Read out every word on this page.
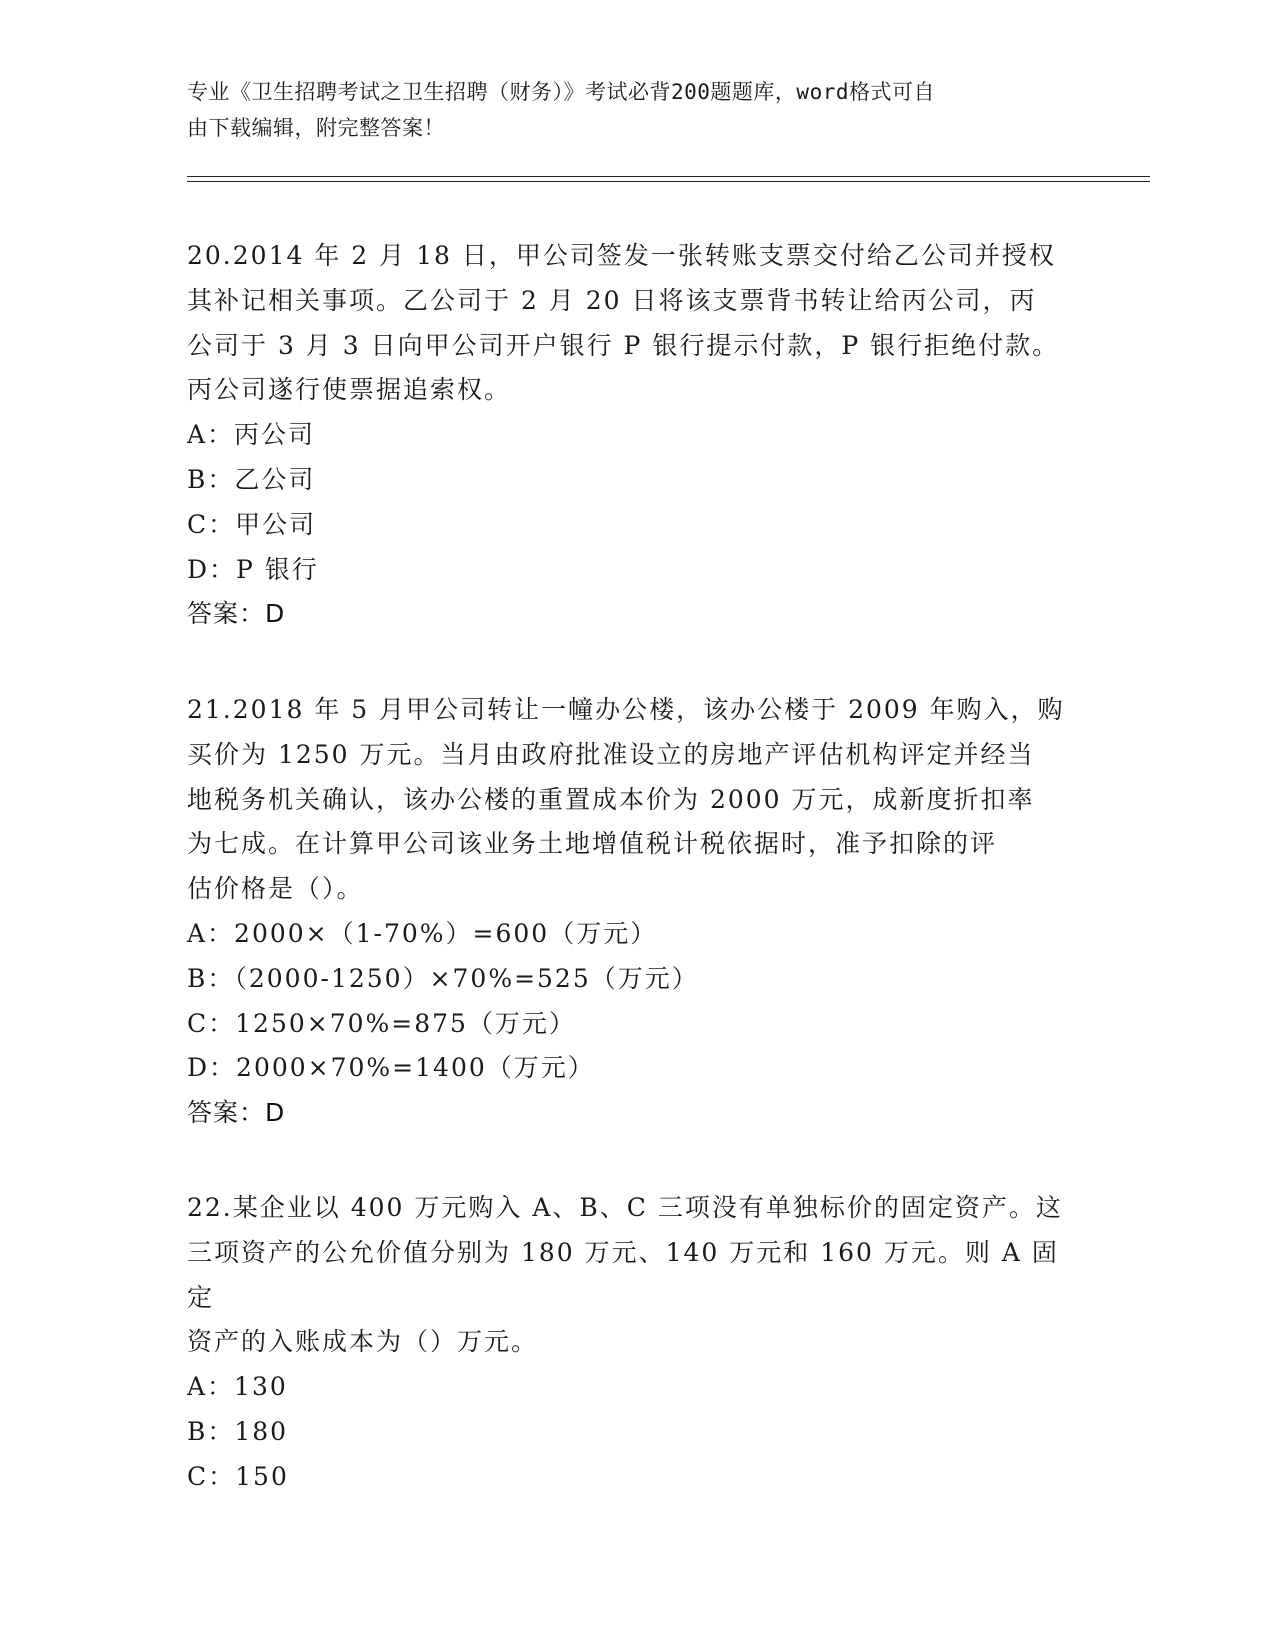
专业《卫生招聘考试之卫生招聘（财务）》考试必背200题题库，word格式可自
由下载编辑，附完整答案！
20.2014 年 2 月 18 日，甲公司签发一张转账支票交付给乙公司并授权
其补记相关事项。乙公司于 2 月 20 日将该支票背书转让给丙公司，丙
公司于 3 月 3 日向甲公司开户银行 P 银行提示付款，P 银行拒绝付款。
丙公司遂行使票据追索权。
A：丙公司
B：乙公司
C：甲公司
D：P 银行
答案：D
21.2018 年 5 月甲公司转让一幢办公楼，该办公楼于 2009 年购入，购
买价为 1250 万元。当月由政府批准设立的房地产评估机构评定并经当
地税务机关确认，该办公楼的重置成本价为 2000 万元，成新度折扣率
为七成。在计算甲公司该业务土地增值税计税依据时，准予扣除的评
估价格是（）。
A：2000×（1-70%）=600（万元）
B：（2000-1250）×70%=525（万元）
C：1250×70%=875（万元）
D：2000×70%=1400（万元）
答案：D
22.某企业以 400 万元购入 A、B、C 三项没有单独标价的固定资产。这
三项资产的公允价值分别为 180 万元、140 万元和 160 万元。则 A 固定
资产的入账成本为（）万元。
A：130
B：180
C：150
